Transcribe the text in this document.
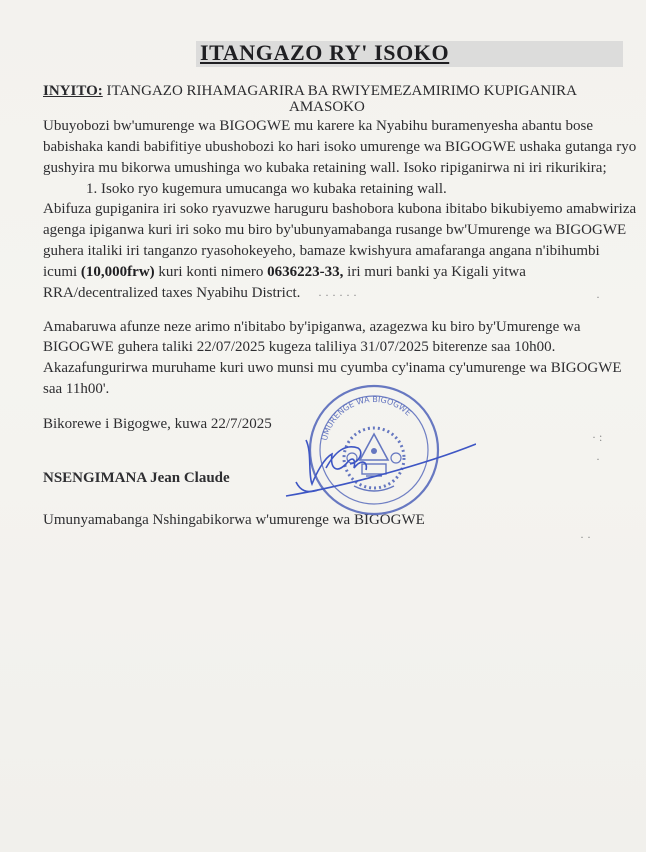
ITANGAZO RY' ISOKO
INYITO: ITANGAZO RIHAMAGARIRA BA RWIYEMEZAMIRIMO KUPIGANIRA
AMASOKO
Ubuyobozi bw'umurenge wa BIGOGWE mu karere ka Nyabihu buramenyesha abantu bose
babishaka kandi babifitiye ubushobozi ko hari isoko umurenge wa BIGOGWE ushaka gutanga ryo
gushyira mu bikorwa umushinga wo kubaka retaining wall. Isoko ripiganirwa ni iri rikurikira;
1. Isoko ryo kugemura umucanga wo kubaka retaining wall.
Abifuza gupiganira iri soko ryavuzwe haruguru bashobora kubona ibitabo bikubiyemo amabwiriza
agenga ipiganwa kuri iri soko mu biro by'ubunyamabanga rusange bw'Umurenge wa BIGOGWE
guhera italiki iri tanganzo ryasohokeyeho, bamaze kwishyura amafaranga angana n'ibihumbi
icumi (10,000frw) kuri konti nimero 0636223-33, iri muri banki ya Kigali yitwa
RRA/decentralized taxes Nyabihu District.
Amabaruwa afunze neze arimo n'ibitabo by'ipiganwa, azagezwa ku biro by'Umurenge wa
BIGOGWE guhera taliki 22/07/2025 kugeza taliliya 31/07/2025 biterenze saa 10h00.
Akazafungurirwa muruhame kuri uwo munsi mu cyumba cy'inama cy'umurenge wa BIGOGWE
saa 11h00'.
Bikorewe i Bigogwe, kuwa 22/7/2025
NSENGIMANA Jean Claude
Umunyamabanga Nshingabikorwa w'umurenge wa BIGOGWE
UMURENGE WA BIGOGWE
· · · · · ·	·
· :
·
· ·
